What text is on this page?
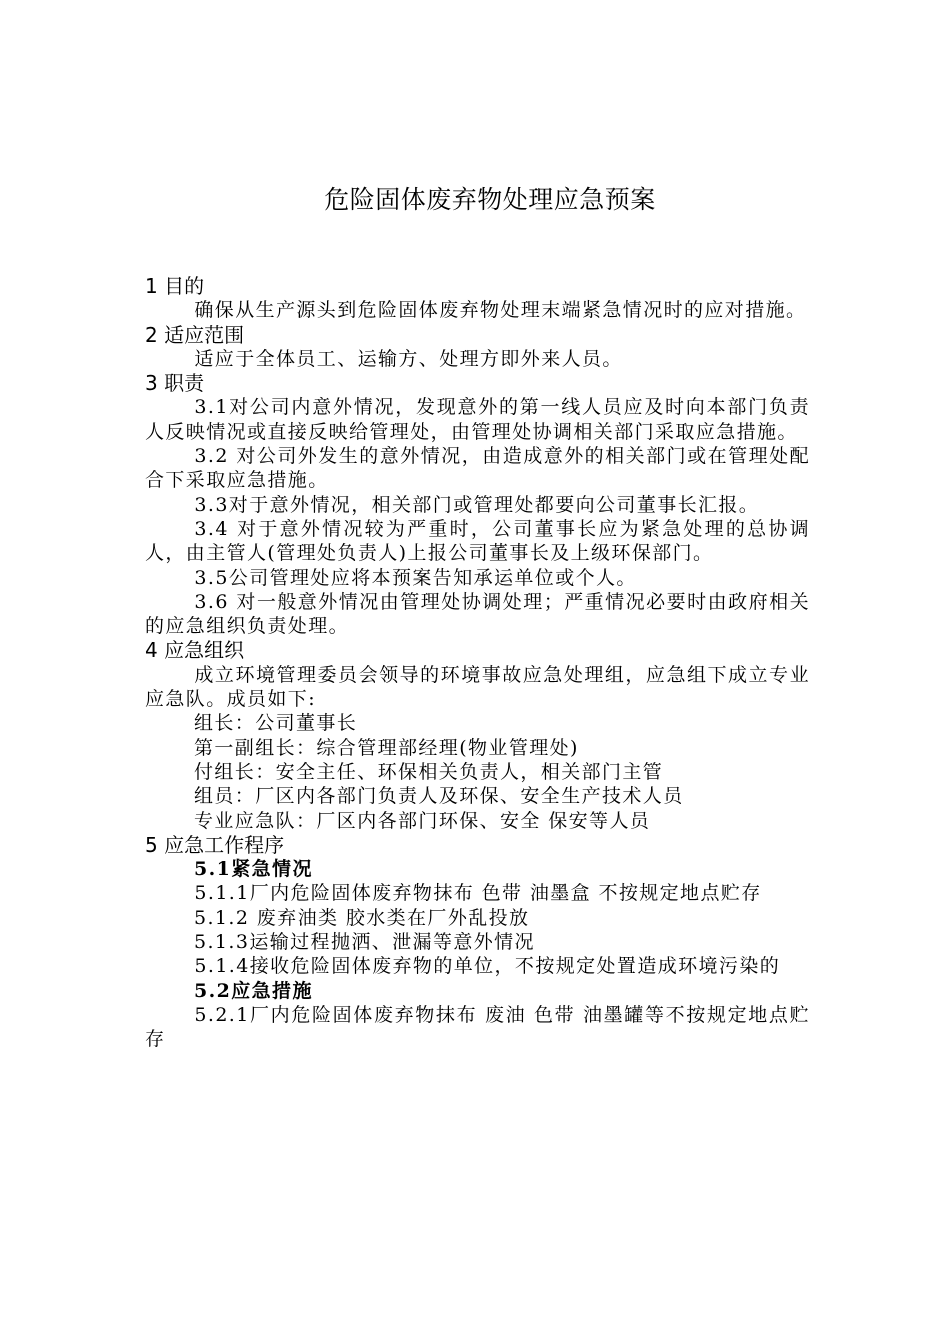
危险固体废弃物处理应急预案
1 目的
确保从生产源头到危险固体废弃物处理末端紧急情况时的应对措施。
2 适应范围
适应于全体员工、运输方、处理方即外来人员。
3 职责
3.1对公司内意外情况，发现意外的第一线人员应及时向本部门负责人反映情况或直接反映给管理处，由管理处协调相关部门采取应急措施。
3.2 对公司外发生的意外情况，由造成意外的相关部门或在管理处配合下采取应急措施。
3.3对于意外情况，相关部门或管理处都要向公司董事长汇报。
3.4 对于意外情况较为严重时，公司董事长应为紧急处理的总协调人，由主管人(管理处负责人)上报公司董事长及上级环保部门。
3.5公司管理处应将本预案告知承运单位或个人。
3.6 对一般意外情况由管理处协调处理；严重情况必要时由政府相关的应急组织负责处理。
4 应急组织
成立环境管理委员会领导的环境事故应急处理组，应急组下成立专业应急队。成员如下:
组长：公司董事长
第一副组长：综合管理部经理(物业管理处)
付组长：安全主任、环保相关负责人，相关部门主管
组员：厂区内各部门负责人及环保、安全生产技术人员
专业应急队：厂区内各部门环保、安全 保安等人员
5 应急工作程序
5.1紧急情况
5.1.1厂内危险固体废弃物抹布 色带 油墨盒 不按规定地点贮存
5.1.2 废弃油类 胶水类在厂外乱投放
5.1.3运输过程抛洒、泄漏等意外情况
5.1.4接收危险固体废弃物的单位，不按规定处置造成环境污染的
5.2应急措施
5.2.1厂内危险固体废弃物抹布 废油 色带 油墨罐等不按规定地点贮存
